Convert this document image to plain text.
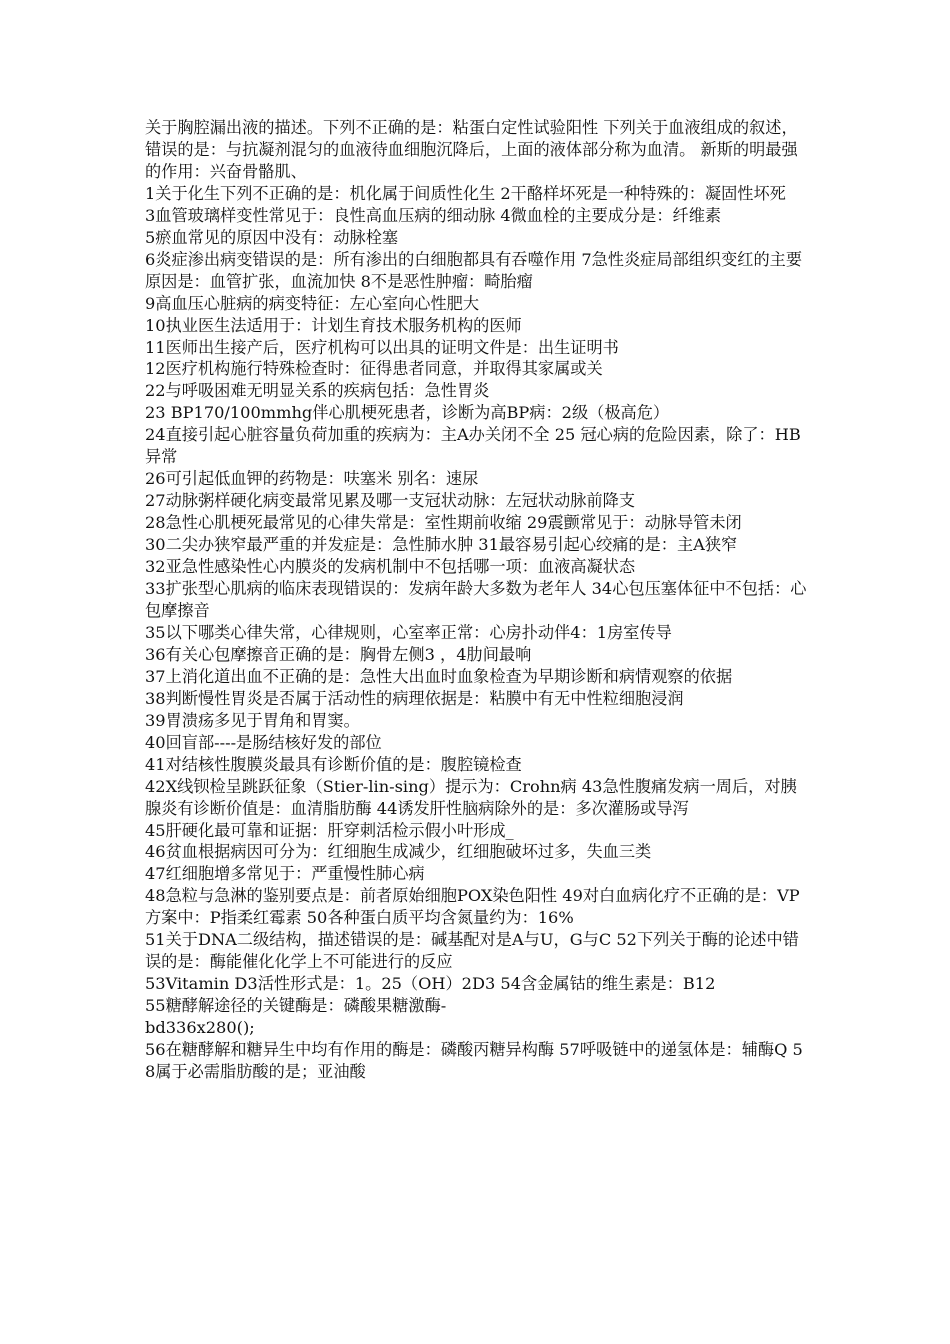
关于胸腔漏出液的描述。下列不正确的是：粘蛋白定性试验阳性 下列关于血液组成的叙述，错误的是：与抗凝剂混匀的血液待血细胞沉降后，上面的液体部分称为血清。 新斯的明最强的作用：兴奋骨骼肌、

1关于化生下列不正确的是：机化属于间质性化生 2干酪样坏死是一种特殊的：凝固性坏死

3血管玻璃样变性常见于：良性高血压病的细动脉 4微血栓的主要成分是：纤维素

5瘀血常见的原因中没有：动脉栓塞

6炎症渗出病变错误的是：所有渗出的白细胞都具有吞噬作用 7急性炎症局部组织变红的主要原因是：血管扩张，血流加快 8不是恶性肿瘤：畸胎瘤

9高血压心脏病的病变特征：左心室向心性肥大

10执业医生法适用于：计划生育技术服务机构的医师

11医师出生接产后，医疗机构可以出具的证明文件是：出生证明书

12医疗机构施行特殊检查时：征得患者同意，并取得其家属或关

22与呼吸困难无明显关系的疾病包括：急性胃炎

23 BP170/100mmhg伴心肌梗死患者，诊断为高BP病：2级（极高危）

24直接引起心脏容量负荷加重的疾病为：主A办关闭不全 25 冠心病的危险因素，除了：HB异常

26可引起低血钾的药物是：呋塞米 别名：速尿

27动脉粥样硬化病变最常见累及哪一支冠状动脉：左冠状动脉前降支

28急性心肌梗死最常见的心律失常是：室性期前收缩 29震颤常见于：动脉导管未闭

30二尖办狭窄最严重的并发症是：急性肺水肿 31最容易引起心绞痛的是：主A狭窄

32亚急性感染性心内膜炎的发病机制中不包括哪一项：血液高凝状态

33扩张型心肌病的临床表现错误的：发病年龄大多数为老年人 34心包压塞体征中不包括：心包摩擦音

35以下哪类心律失常，心律规则，心室率正常：心房扑动伴4：1房室传导

36有关心包摩擦音正确的是：胸骨左侧3 ，4肋间最响

37上消化道出血不正确的是：急性大出血时血象检查为早期诊断和病情观察的依据

38判断慢性胃炎是否属于活动性的病理依据是：粘膜中有无中性粒细胞浸润

39胃溃疡多见于胃角和胃窦。

40回盲部----是肠结核好发的部位

41对结核性腹膜炎最具有诊断价值的是：腹腔镜检查

42X线钡检呈跳跃征象（Stier-lin-sing）提示为：Crohn病 43急性腹痛发病一周后，对胰腺炎有诊断价值是：血清脂肪酶 44诱发肝性脑病除外的是：多次灌肠或导泻

45肝硬化最可靠和证据：肝穿刺活检示假小叶形成_

46贫血根据病因可分为：红细胞生成减少，红细胞破坏过多，失血三类

47红细胞增多常见于：严重慢性肺心病

48急粒与急淋的鉴别要点是：前者原始细胞POX染色阳性 49对白血病化疗不正确的是：VP方案中：P指柔红霉素 50各种蛋白质平均含氮量约为：16%

51关于DNA二级结构，描述错误的是：碱基配对是A与U，G与C 52下列关于酶的论述中错误的是：酶能催化化学上不可能进行的反应

53Vitamin D3活性形式是：1。25（OH）2D3 54含金属钴的维生素是：B12

55糖酵解途径的关键酶是：磷酸果糖激酶-

bd336x280();

56在糖酵解和糖异生中均有作用的酶是：磷酸丙糖异构酶 57呼吸链中的递氢体是：辅酶Q 58属于必需脂肪酸的是；亚油酸
